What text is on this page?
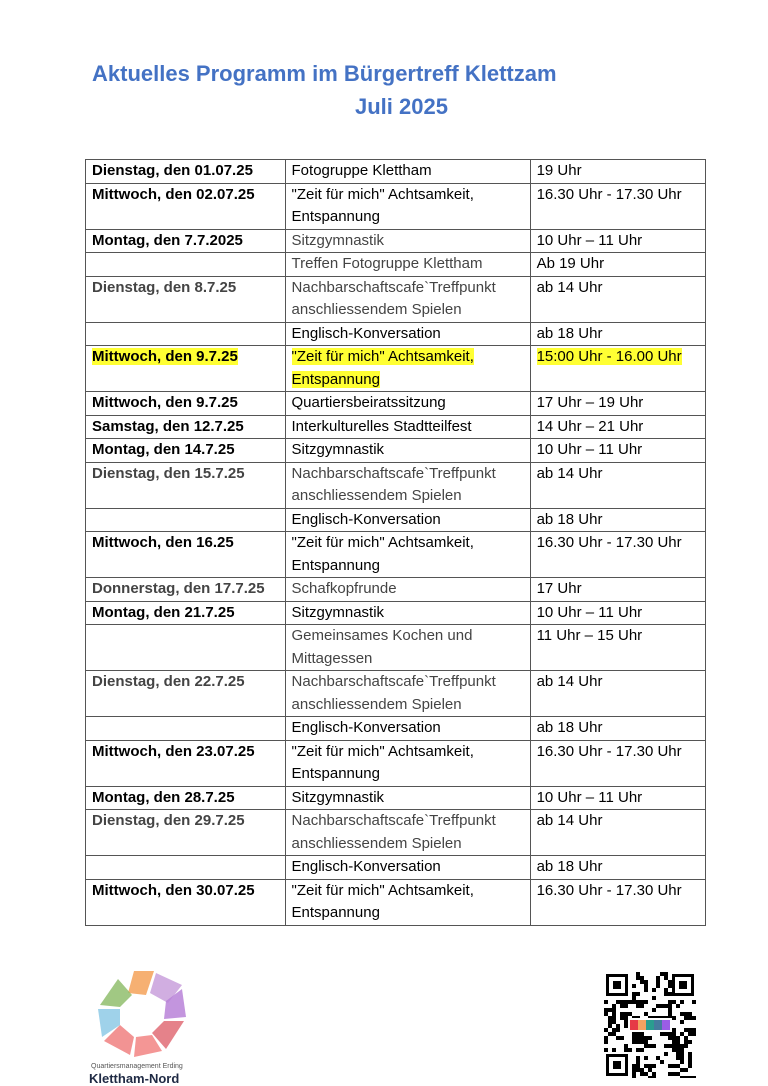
Aktuelles Programm im Bürgertreff Klettzam
Juli 2025
Dienstag, den 01.07.25	Fotogruppe Klettham	19 Uhr
Mittwoch, den 02.07.25	"Zeit für mich" Achtsamkeit, Entspannung	16.30 Uhr - 17.30 Uhr
Montag, den 7.7.2025	Sitzgymnastik	10 Uhr – 11 Uhr
	Treffen Fotogruppe Klettham	Ab 19 Uhr
Dienstag, den 8.7.25	Nachbarschaftscafe`Treffpunkt anschliessendem Spielen	ab 14 Uhr
	Englisch-Konversation	ab 18 Uhr
Mittwoch, den 9.7.25	"Zeit für mich" Achtsamkeit, Entspannung	15:00 Uhr - 16.00 Uhr
Mittwoch, den 9.7.25	Quartiersbeiratssitzung	17 Uhr – 19 Uhr
Samstag, den 12.7.25	Interkulturelles Stadtteilfest	14 Uhr – 21 Uhr
Montag, den 14.7.25	Sitzgymnastik	10 Uhr – 11 Uhr
Dienstag, den 15.7.25	Nachbarschaftscafe`Treffpunkt anschliessendem Spielen	ab 14 Uhr
	Englisch-Konversation	ab 18 Uhr
Mittwoch, den 16.25	"Zeit für mich" Achtsamkeit, Entspannung	16.30 Uhr - 17.30 Uhr
Donnerstag, den 17.7.25	Schafkopfrunde	17 Uhr
Montag, den 21.7.25	Sitzgymnastik	10 Uhr – 11 Uhr
	Gemeinsames Kochen und Mittagessen	11 Uhr – 15 Uhr
Dienstag, den 22.7.25	Nachbarschaftscafe`Treffpunkt anschliessendem Spielen	ab 14 Uhr
	Englisch-Konversation	ab 18 Uhr
Mittwoch, den 23.07.25	"Zeit für mich" Achtsamkeit, Entspannung	16.30 Uhr - 17.30 Uhr
Montag, den 28.7.25	Sitzgymnastik	10 Uhr – 11 Uhr
Dienstag, den 29.7.25	Nachbarschaftscafe`Treffpunkt anschliessendem Spielen	ab 14 Uhr
	Englisch-Konversation	ab 18 Uhr
Mittwoch, den 30.07.25	"Zeit für mich" Achtsamkeit, Entspannung	16.30 Uhr - 17.30 Uhr
Quartiersmanagement Erding
Klettham-Nord
